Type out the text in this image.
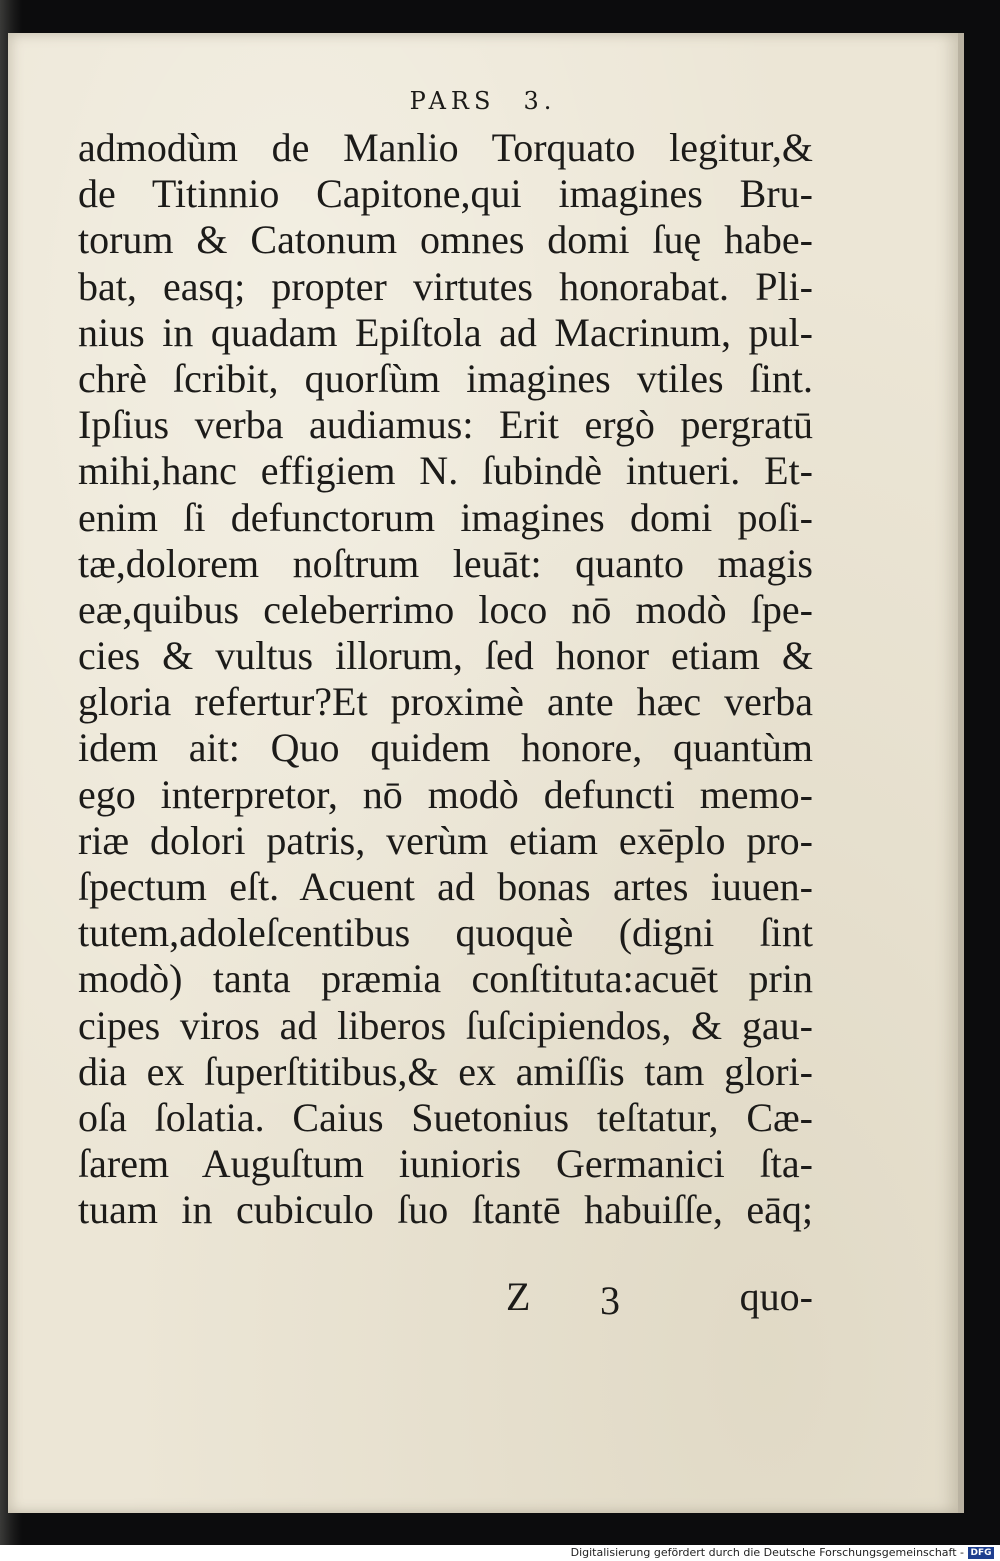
PARS 3.
admodùm de Manlio Torquato legitur,&
de Titinnio Capitone,qui imagines Bru-
torum & Catonum omnes domi ſuę habe-
bat, easq; propter virtutes honorabat. Pli-
nius in quadam Epiſtola ad Macrinum, pul-
chrè ſcribit, quorſùm imagines vtiles ſint.
Ipſius verba audiamus: Erit ergò pergratū
mihi,hanc effigiem N. ſubindè intueri. Et-
enim ſi defunctorum imagines domi poſi-
tæ,dolorem noſtrum leuāt: quanto magis
eæ,quibus celeberrimo loco nō modò ſpe-
cies & vultus illorum, ſed honor etiam &
gloria refertur?Et proximè ante hæc verba
idem ait: Quo quidem honore, quantùm
ego interpretor, nō modò defuncti memo-
riæ dolori patris, verùm etiam exēplo pro-
ſpectum eſt. Acuent ad bonas artes iuuen-
tutem,adoleſcentibus quoquè (digni ſint
modò) tanta præmia conſtituta:acuēt prin
cipes viros ad liberos ſuſcipiendos, & gau-
dia ex ſuperſtitibus,& ex amiſſis tam glori-
oſa ſolatia. Caius Suetonius teſtatur, Cæ-
ſarem Auguſtum iunioris Germanici ſta-
tuam in cubiculo ſuo ſtantē habuiſſe, eāq;
Z 3	quo-
Digitalisierung gefördert durch die Deutsche Forschungsgemeinschaft - DFG
